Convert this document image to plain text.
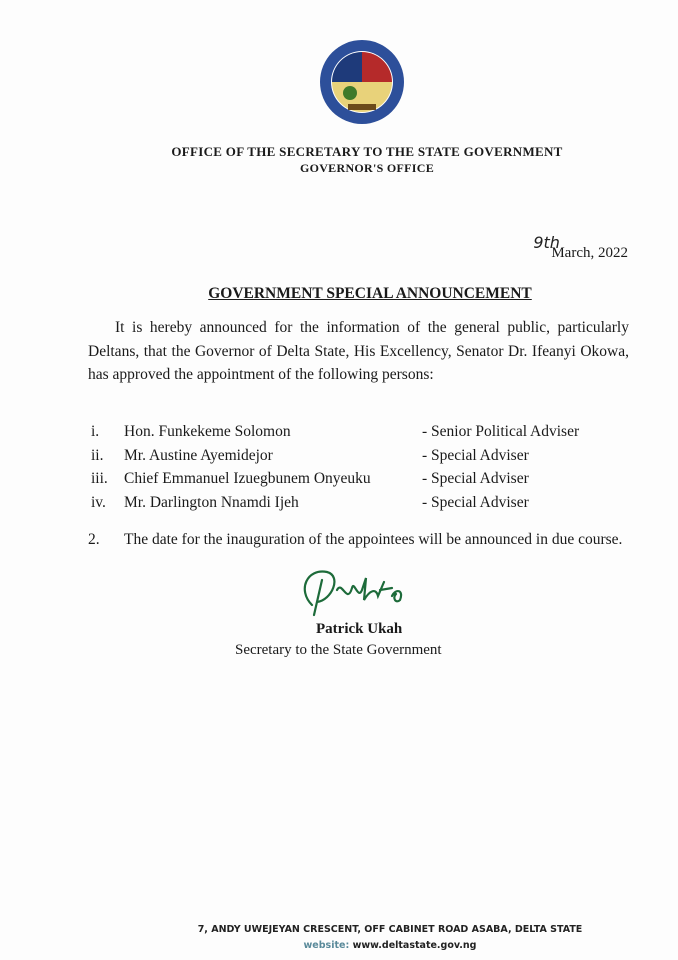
OFFICE OF THE SECRETARY TO THE STATE GOVERNMENT
GOVERNOR'S OFFICE
9th
March, 2022
GOVERNMENT SPECIAL ANNOUNCEMENT
It is hereby announced for the information of the general public, particularly Deltans, that the Governor of Delta State, His Excellency, Senator Dr. Ifeanyi Okowa, has approved the appointment of the following persons:
i.	Hon. Funkekeme Solomon	- Senior Political Adviser
ii.	Mr. Austine Ayemidejor	- Special Adviser
iii.	Chief Emmanuel Izuegbunem Onyeuku	- Special Adviser
iv.	Mr. Darlington Nnamdi Ijeh	- Special Adviser
2. The date for the inauguration of the appointees will be announced in due course.
Patrick Ukah
Secretary to the State Government
7, ANDY UWEJEYAN CRESCENT, OFF CABINET ROAD ASABA, DELTA STATE
website: www.deltastate.gov.ng
